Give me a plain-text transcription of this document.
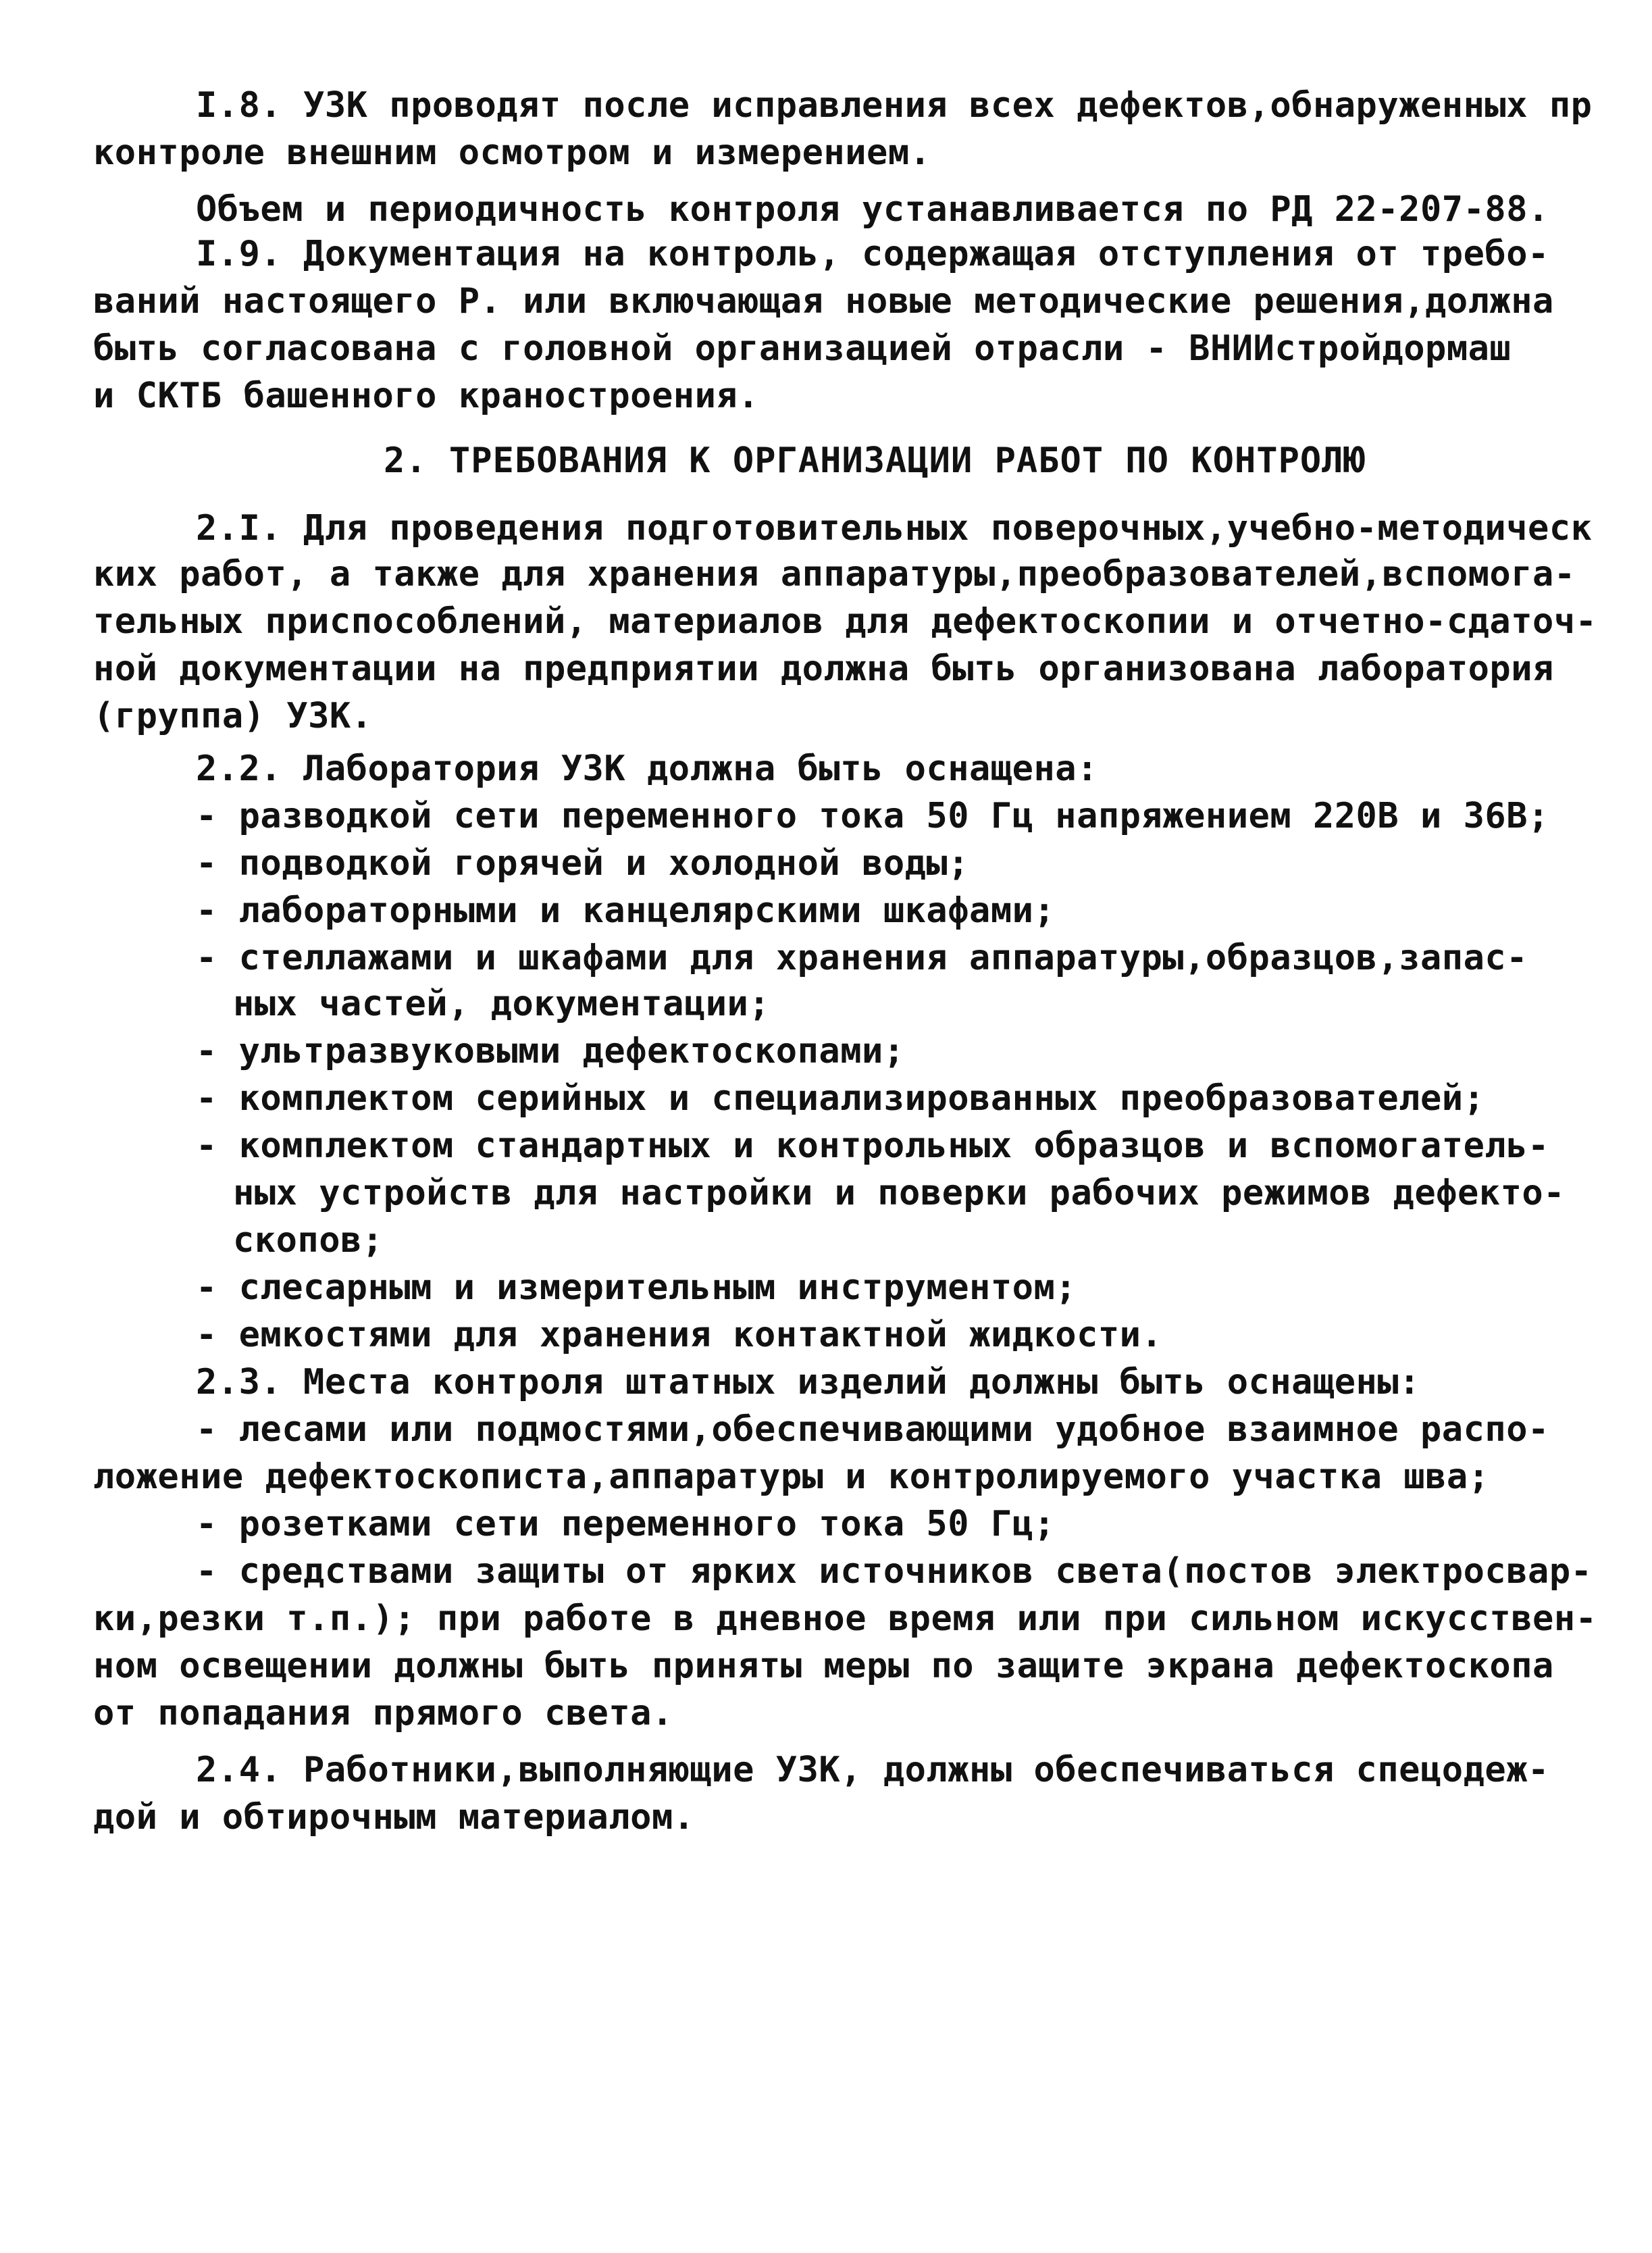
I.8. УЗК проводят после исправления всех дефектов,обнаруженных пр
контроле внешним осмотром и измерением.
Объем и периодичность контроля устанавливается по РД 22-207-88.
I.9. Документация на контроль, содержащая отступления от требо-
ваний настоящего Р. или включающая новые методические решения,должна
быть согласована с головной организацией отрасли - ВНИИстройдормаш
и СКТБ башенного краностроения.
2. ТРЕБОВАНИЯ К ОРГАНИЗАЦИИ РАБОТ ПО КОНТРОЛЮ
2.I. Для проведения подготовительных поверочных,учебно-методическ
ких работ, а также для хранения аппаратуры,преобразователей,вспомога-
тельных приспособлений, материалов для дефектоскопии и отчетно-сдаточ-
ной документации на предприятии должна быть организована лаборатория
(группа) УЗК.
2.2. Лаборатория УЗК должна быть оснащена:
- разводкой сети переменного тока 50 Гц напряжением 220В и 36В;
- подводкой горячей и холодной воды;
- лабораторными и канцелярскими шкафами;
- стеллажами и шкафами для хранения аппаратуры,образцов,запас-
ных частей, документации;
- ультразвуковыми дефектоскопами;
- комплектом серийных и специализированных преобразователей;
- комплектом стандартных и контрольных образцов и вспомогатель-
ных устройств для настройки и поверки рабочих режимов дефекто-
скопов;
- слесарным и измерительным инструментом;
- емкостями для хранения контактной жидкости.
2.3. Места контроля штатных изделий должны быть оснащены:
- лесами или подмостями,обеспечивающими удобное взаимное распо-
ложение дефектоскописта,аппаратуры и контролируемого участка шва;
- розетками сети переменного тока 50 Гц;
- средствами защиты от ярких источников света(постов электросвар-
ки,резки т.п.); при работе в дневное время или при сильном искусствен-
ном освещении должны быть приняты меры по защите экрана дефектоскопа
от попадания прямого света.
2.4. Работники,выполняющие УЗК, должны обеспечиваться спецодеж-
дой и обтирочным материалом.
